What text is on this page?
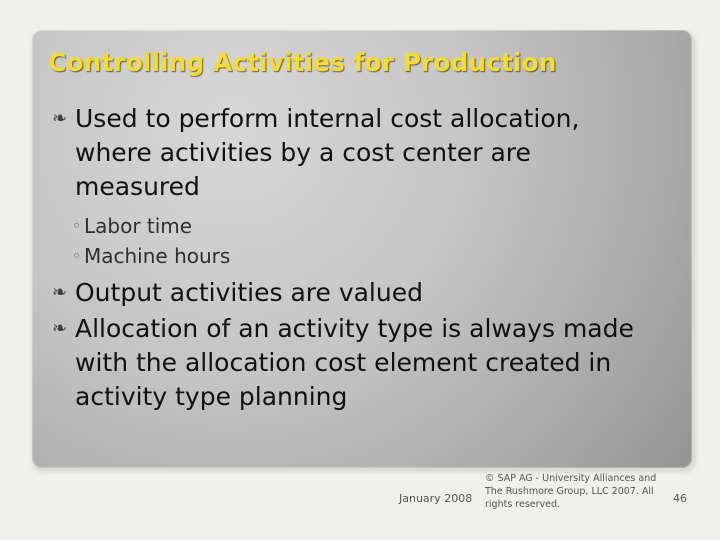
Controlling Activities for Production
❧ Used to perform internal cost allocation, where activities by a cost center are measured
◦ Labor time
◦ Machine hours
❧ Output activities are valued
❧ Allocation of an activity type is always made with the allocation cost element created in activity type planning
January 2008
© SAP AG - University Alliances and The Rushmore Group, LLC 2007. All rights reserved.	46
